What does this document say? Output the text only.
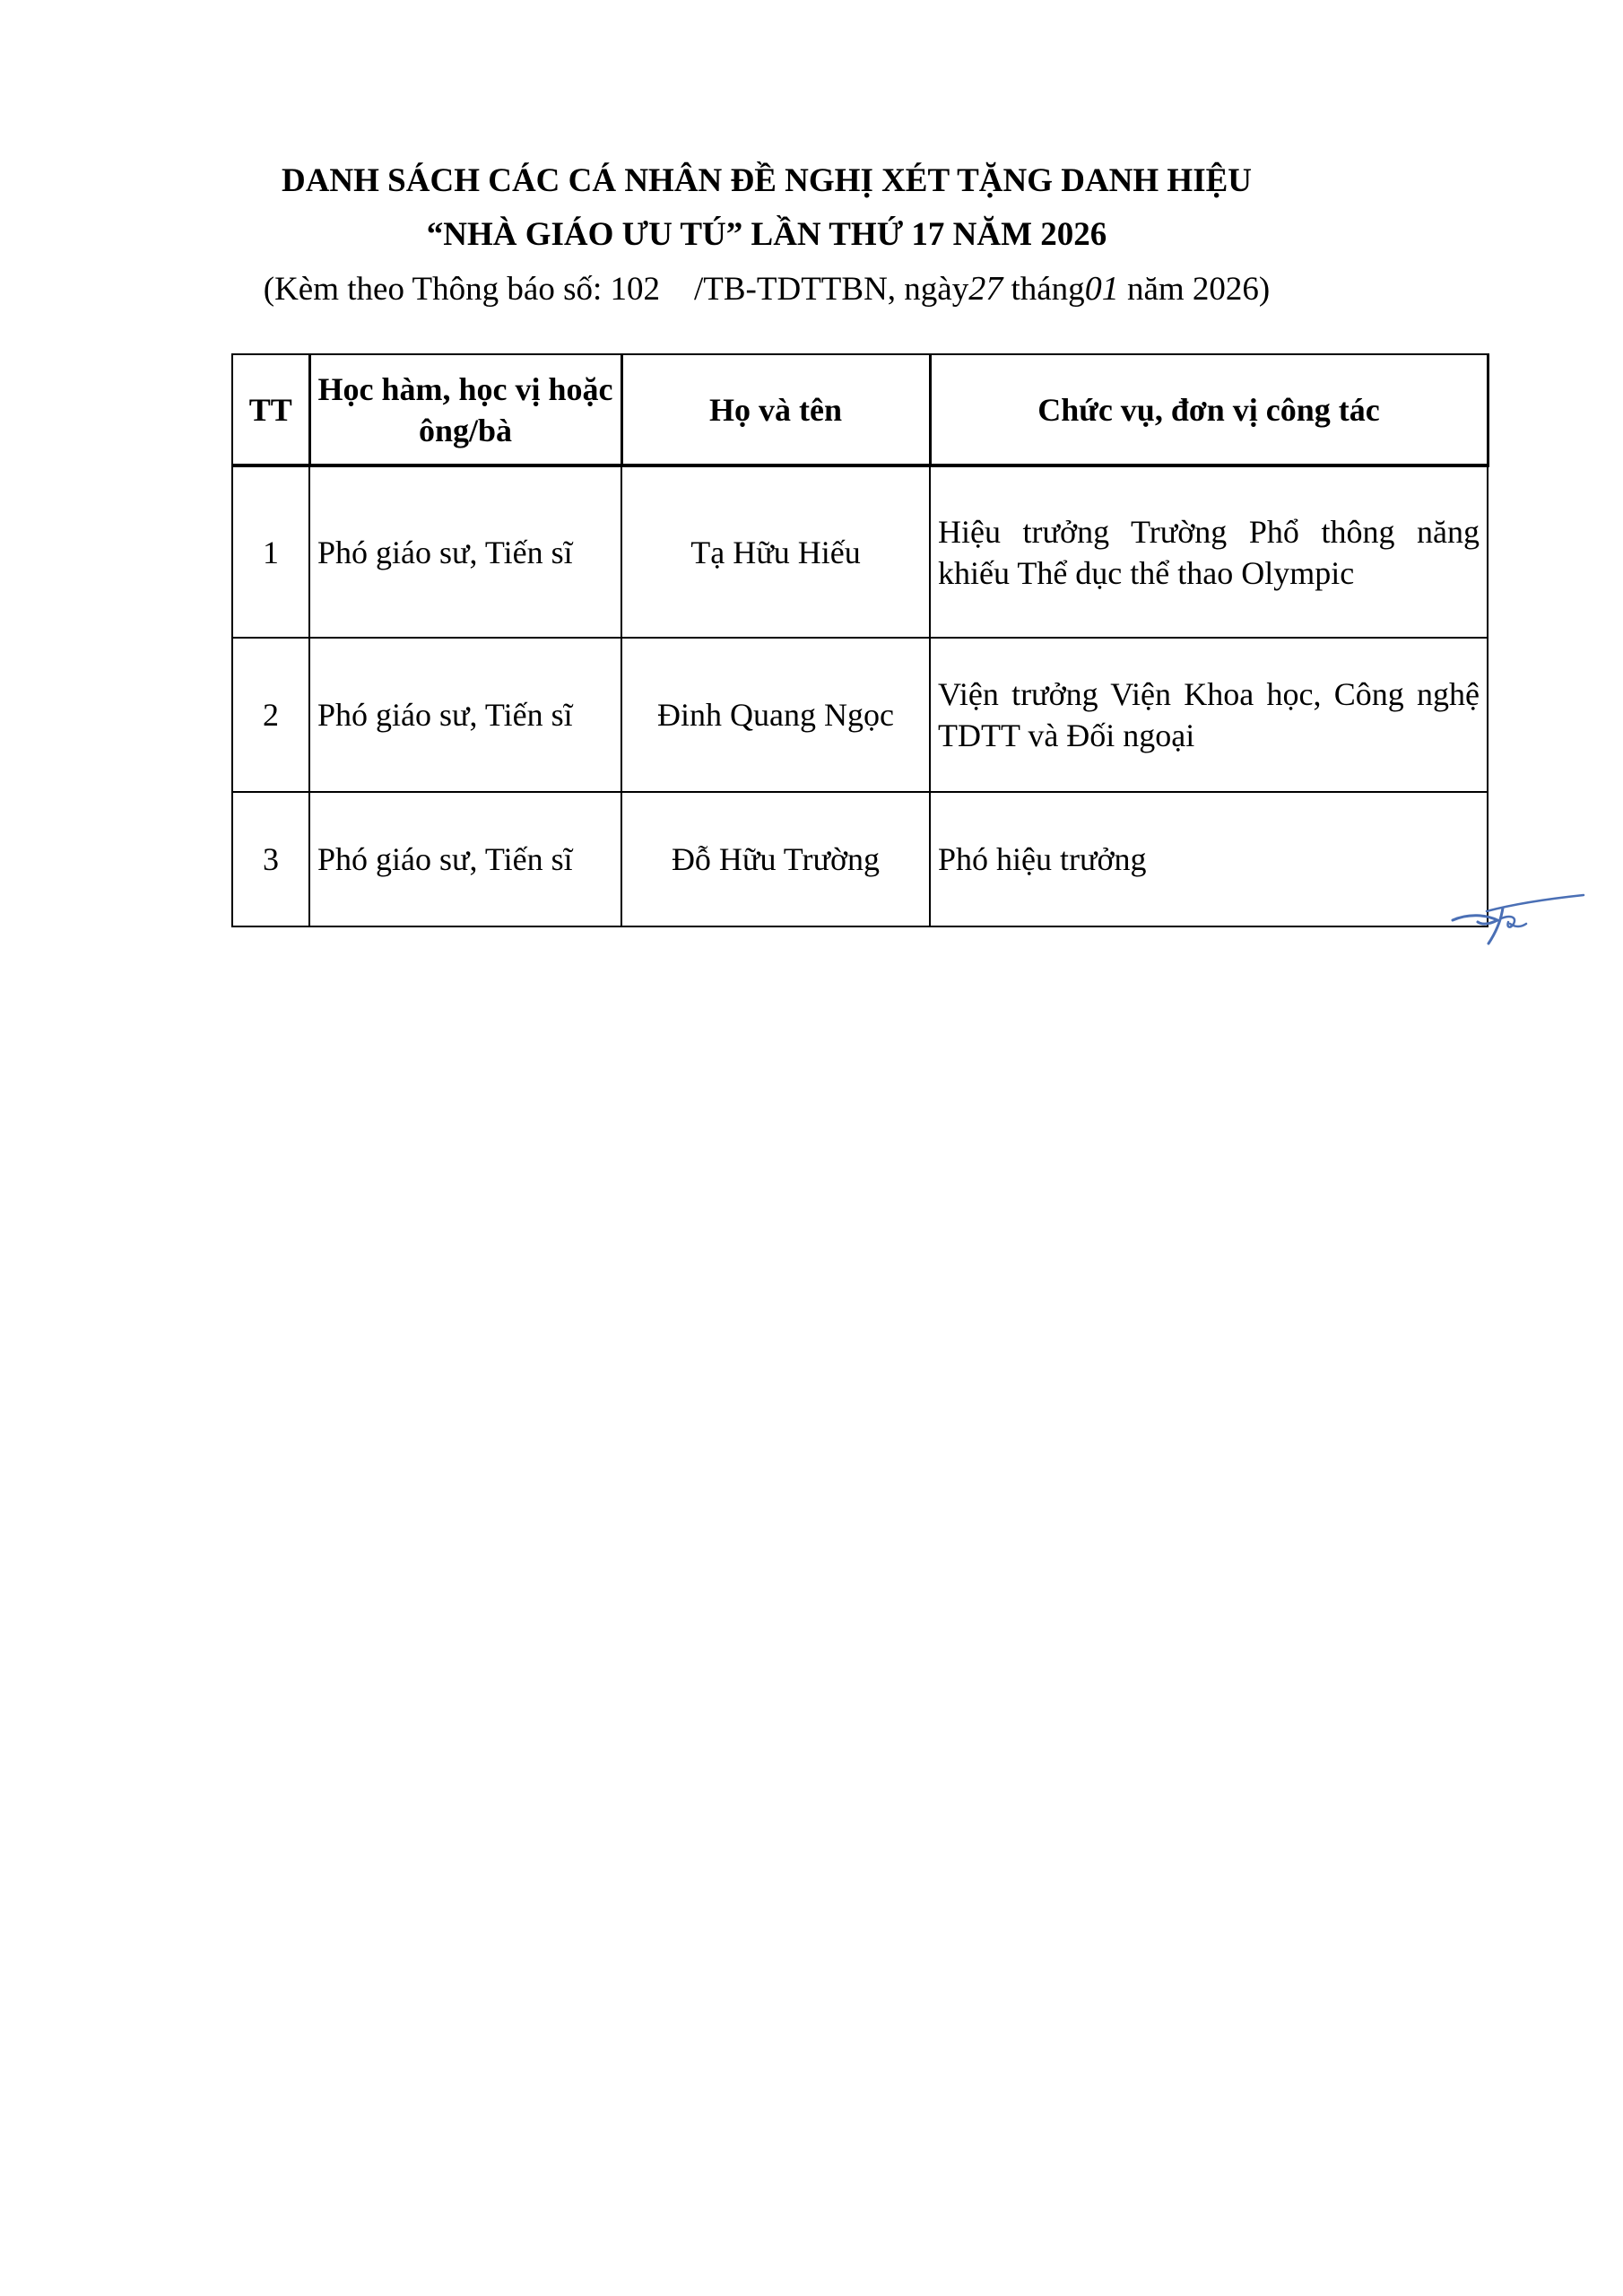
DANH SÁCH CÁC CÁ NHÂN ĐỀ NGHỊ XÉT TẶNG DANH HIỆU
“NHÀ GIÁO ƯU TÚ” LẦN THỨ 17 NĂM 2026
(Kèm theo Thông báo số: 102 /TB-TDTTBN, ngày27 tháng01 năm 2026)
TT	Học hàm, học vị hoặc ông/bà	Họ và tên	Chức vụ, đơn vị công tác
1	Phó giáo sư, Tiến sĩ	Tạ Hữu Hiếu	Hiệu trưởng Trường Phổ thông năng khiếu Thể dục thể thao Olympic
2	Phó giáo sư, Tiến sĩ	Đinh Quang Ngọc	Viện trưởng Viện Khoa học, Công nghệ TDTT và Đối ngoại
3	Phó giáo sư, Tiến sĩ	Đỗ Hữu Trường	Phó hiệu trưởng
